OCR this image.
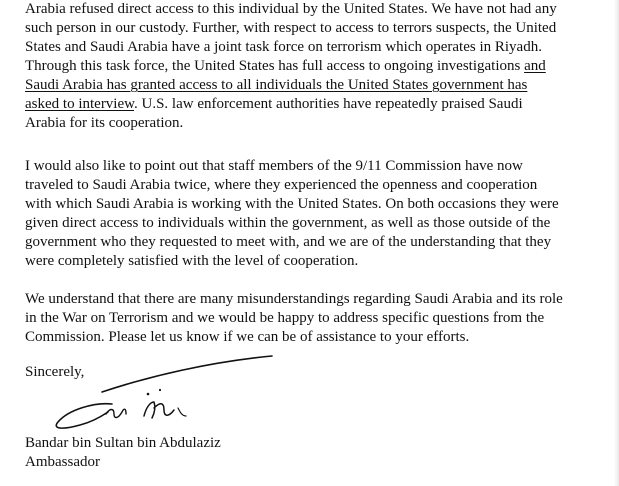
Arabia refused direct access to this individual by the United States. We have not had any
such person in our custody. Further, with respect to access to terrors suspects, the United
States and Saudi Arabia have a joint task force on terrorism which operates in Riyadh.
Through this task force, the United States has full access to ongoing investigations and
Saudi Arabia has granted access to all individuals the United States government has
asked to interview. U.S. law enforcement authorities have repeatedly praised Saudi
Arabia for its cooperation.

I would also like to point out that staff members of the 9/11 Commission have now
traveled to Saudi Arabia twice, where they experienced the openness and cooperation
with which Saudi Arabia is working with the United States. On both occasions they were
given direct access to individuals within the government, as well as those outside of the
government who they requested to meet with, and we are of the understanding that they
were completely satisfied with the level of cooperation.

We understand that there are many misunderstandings regarding Saudi Arabia and its role
in the War on Terrorism and we would be happy to address specific questions from the
Commission. Please let us know if we can be of assistance to your efforts.

Sincerely,

Bandar bin Sultan bin Abdulaziz

Ambassador
